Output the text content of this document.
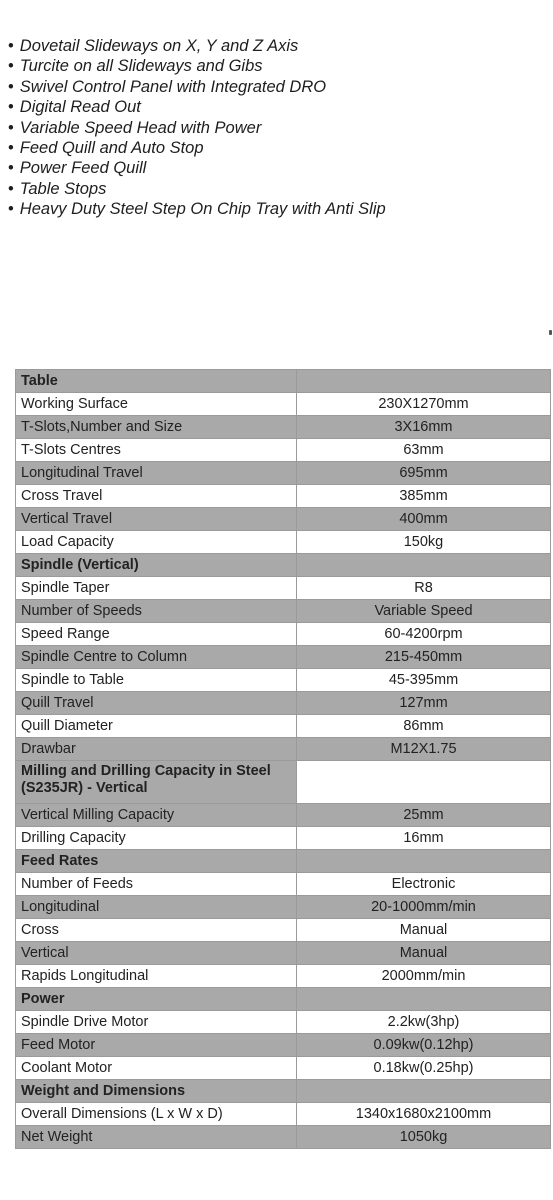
• Dovetail Slideways on X, Y and Z Axis
• Turcite on all Slideways and Gibs
• Swivel Control Panel with Integrated DRO
• Digital Read Out
• Variable Speed Head with Power
• Feed Quill and Auto Stop
• Power Feed Quill
• Table Stops
• Heavy Duty Steel Step On Chip Tray with Anti Slip
Table	
Working Surface	230X1270mm
T-Slots,Number and Size	3X16mm
T-Slots Centres	63mm
Longitudinal Travel	695mm
Cross Travel	385mm
Vertical Travel	400mm
Load Capacity	150kg
Spindle (Vertical)	
Spindle Taper	R8
Number of Speeds	Variable Speed
Speed Range	60-4200rpm
Spindle Centre to Column	215-450mm
Spindle to Table	45-395mm
Quill Travel	127mm
Quill Diameter	86mm
Drawbar	M12X1.75
Milling and Drilling Capacity in Steel (S235JR) - Vertical	
Vertical Milling Capacity	25mm
Drilling Capacity	16mm
Feed Rates	
Number of Feeds	Electronic
Longitudinal	20-1000mm/min
Cross	Manual
Vertical	Manual
Rapids Longitudinal	2000mm/min
Power	
Spindle Drive Motor	2.2kw(3hp)
Feed Motor	0.09kw(0.12hp)
Coolant Motor	0.18kw(0.25hp)
Weight and Dimensions	
Overall Dimensions (L x W x D)	1340x1680x2100mm
Net Weight	1050kg
